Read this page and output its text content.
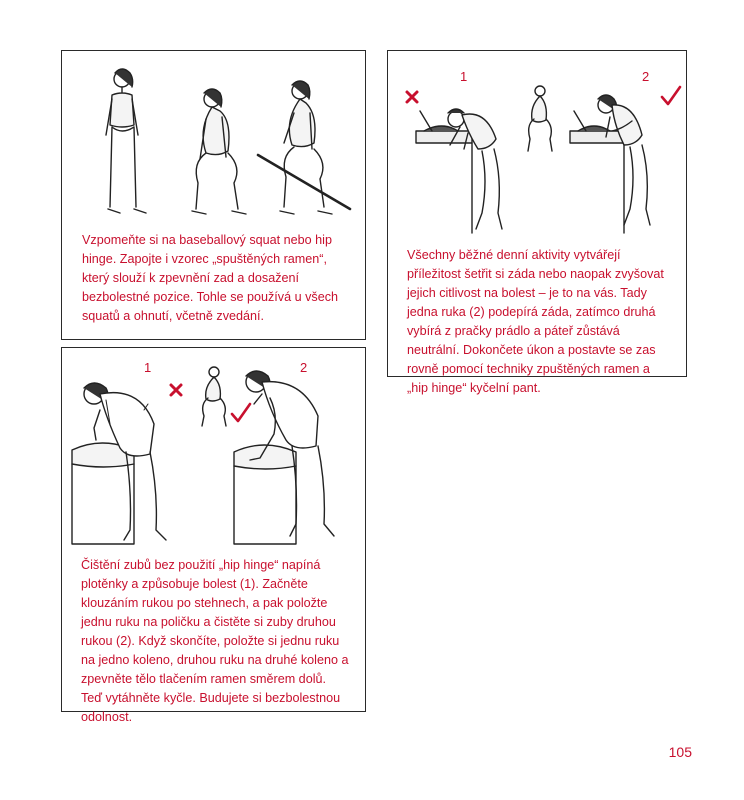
Vzpomeňte si na baseballový squat nebo hip hinge. Zapojte i vzorec „spuštěných ramen“, který slouží k zpevnění zad a dosažení bezbolestné pozice. Tohle se používá u všech squatů a ohnutí, včetně zvedání.

1	2

Všechny běžné denní aktivity vytvářejí příležitost šetřit si záda nebo naopak zvyšovat jejich citlivost na bolest – je to na vás. Tady jedna ruka (2) podepírá záda, zatímco druhá vybírá z pračky prádlo a páteř zůstává neutrální. Dokončete úkon a postavte se zas rovně pomocí techniky zpuštěných ramen a „hip hinge“ kyčelní pant.

1	2

Čištění zubů bez použití „hip hinge“ napíná plotěnky a způsobuje bolest (1). Začněte klouzáním rukou po stehnech, a pak položte jednu ruku na poličku a čistěte si zuby druhou rukou (2). Když skončíte, položte si jednu ruku na jedno koleno, druhou ruku na druhé koleno a zpevněte tělo tlačením ramen směrem dolů. Teď vytáhněte kyčle. Budujete si bezbolestnou odolnost.

105
